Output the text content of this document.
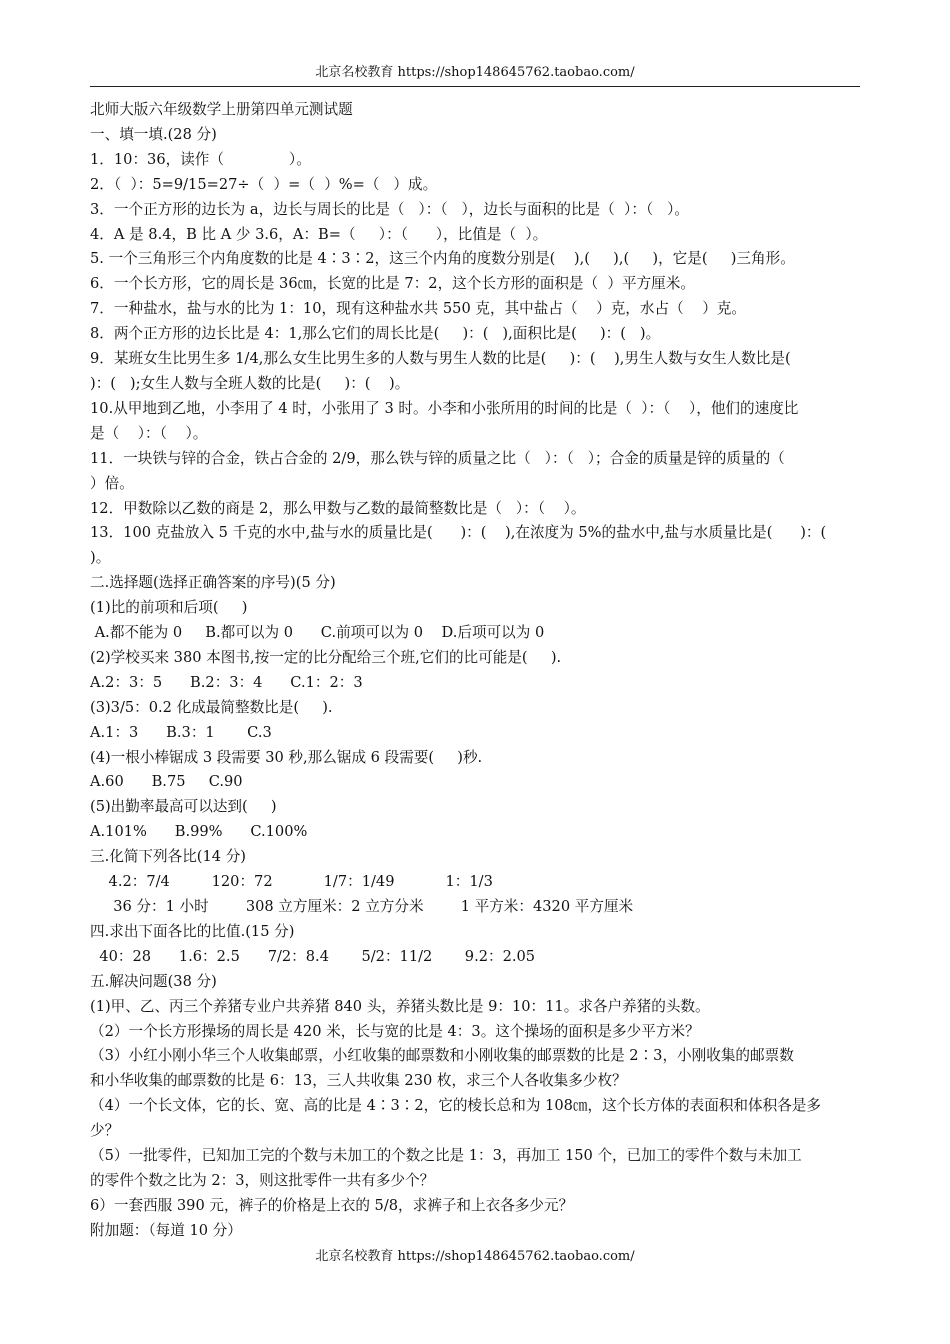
北京名校教育 https://shop148645762.taobao.com/
北师大版六年级数学上册第四单元测试题
一、填一填.(28 分)
1．10：36，读作（              ）。
2．（  ）：5=9/15=27÷（  ）=（  ）%=（   ）成。
3．一个正方形的边长为 a，边长与周长的比是（   ）：（   ），边长与面积的比是（  ）：（   ）。
4．A 是 8.4，B 比 A 少 3.6，A：B=（     ）：（      ），比值是（  ）。
5. 一个三角形三个内角度数的比是 4∶3∶2，这三个内角的度数分别是(    ),(     ),(     )，它是(     )三角形。
6．一个长方形，它的周长是 36㎝，长宽的比是 7：2，这个长方形的面积是（  ）平方厘米。
7．一种盐水，盐与水的比为 1：10，现有这种盐水共 550 克，其中盐占（    ）克，水占（    ）克。
8．两个正方形的边长比是 4：1,那么它们的周长比是(     )：(   ),面积比是(     )：(   )。
9．某班女生比男生多 1/4,那么女生比男生多的人数与男生人数的比是(     )：(    ),男生人数与女生人数比是(
)：(   );女生人数与全班人数的比是(     )：(    )。
10.从甲地到乙地，小李用了 4 时，小张用了 3 时。小李和小张所用的时间的比是（  ）：（    ），他们的速度比
是（    ）：（    ）。
11．一块铁与锌的合金，铁占合金的 2/9，那么铁与锌的质量之比（   ）：（   ）；合金的质量是锌的质量的（
）倍。
12．甲数除以乙数的商是 2，那么甲数与乙数的最简整数比是（   ）：（    ）。
13．100 克盐放入 5 千克的水中,盐与水的质量比是(      )：(    ),在浓度为 5%的盐水中,盐与水质量比是(      )：(
)。
二.选择题(选择正确答案的序号)(5 分)
(1)比的前项和后项(     )
A.都不能为 0     B.都可以为 0      C.前项可以为 0    D.后项可以为 0
(2)学校买来 380 本图书,按一定的比分配给三个班,它们的比可能是(     ).
A.2：3：5      B.2：3：4      C.1：2：3
(3)3/5：0.2 化成最简整数比是(     ).
A.1：3      B.3：1       C.3
(4)一根小棒锯成 3 段需要 30 秒,那么锯成 6 段需要(     )秒.
A.60      B.75     C.90
(5)出勤率最高可以达到(     )
A.101%      B.99%      C.100%
三.化简下列各比(14 分)
4.2：7/4         120：72           1/7：1/49           1：1/3
36 分：1 小时        308 立方厘米：2 立方分米        1 平方米：4320 平方厘米
四.求出下面各比的比值.(15 分)
40：28      1.6：2.5      7/2：8.4       5/2：11/2       9.2：2.05
五.解决问题(38 分)
(1)甲、乙、丙三个养猪专业户共养猪 840 头，养猪头数比是 9：10：11。求各户养猪的头数。
（2）一个长方形操场的周长是 420 米，长与宽的比是 4：3。这个操场的面积是多少平方米？
（3）小红小刚小华三个人收集邮票，小红收集的邮票数和小刚收集的邮票数的比是 2∶3，小刚收集的邮票数
和小华收集的邮票数的比是 6：13，三人共收集 230 枚，求三个人各收集多少枚？
（4）一个长文体，它的长、宽、高的比是 4∶3∶2，它的棱长总和为 108㎝，这个长方体的表面积和体积各是多
少？
（5）一批零件，已知加工完的个数与未加工的个数之比是 1：3，再加工 150 个，已加工的零件个数与未加工
的零件个数之比为 2：3，则这批零件一共有多少个？
6）一套西服 390 元，裤子的价格是上衣的 5/8，求裤子和上衣各多少元？
附加题：（每道 10 分）
北京名校教育 https://shop148645762.taobao.com/
